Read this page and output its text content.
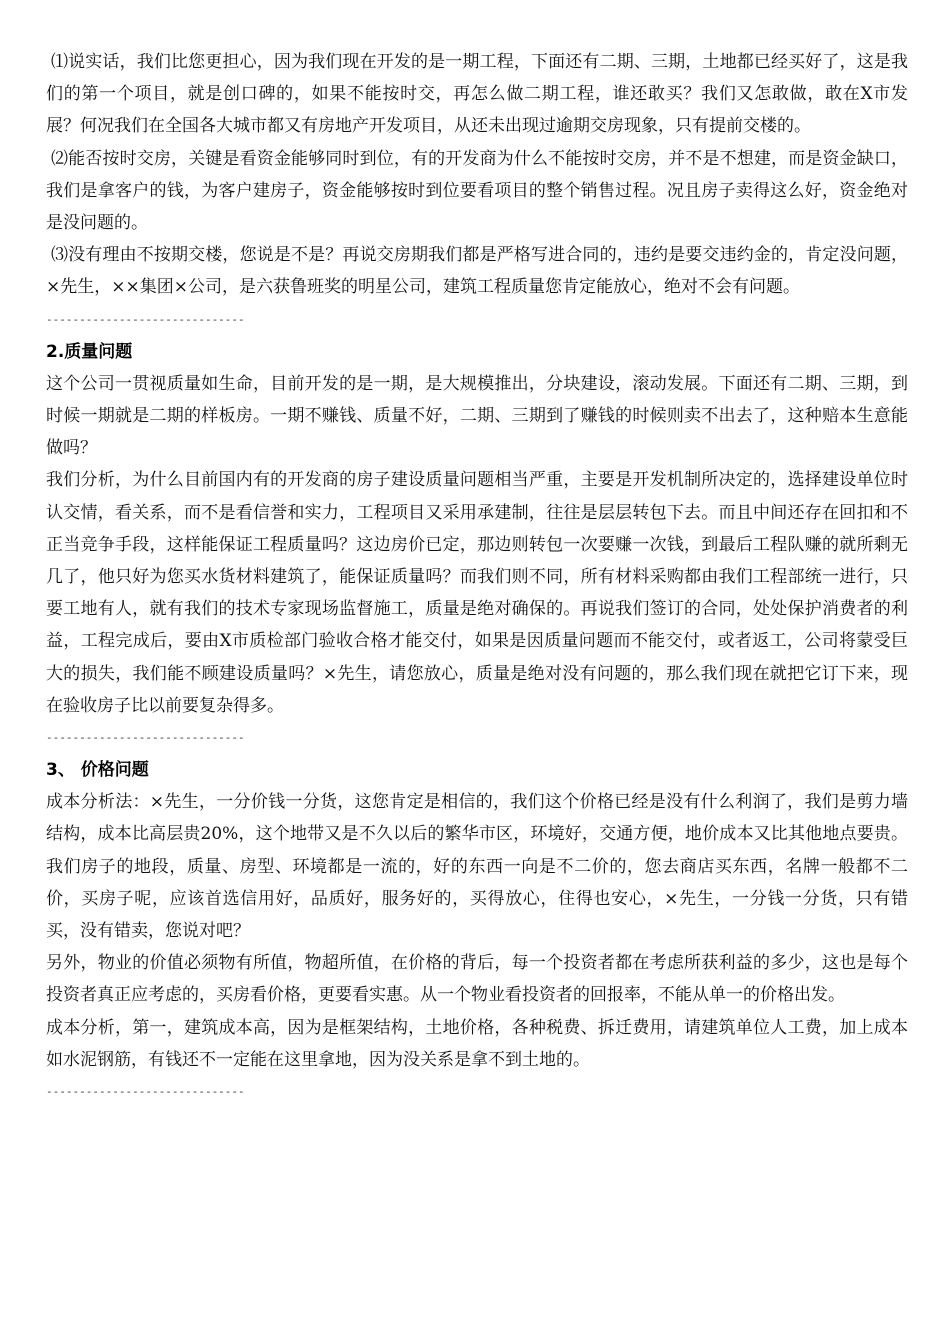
⑴说实话，我们比您更担心，因为我们现在开发的是一期工程，下面还有二期、三期，土地都已经买好了，这是我们的第一个项目，就是创口碑的，如果不能按时交，再怎么做二期工程，谁还敢买？我们又怎敢做，敢在X市发展？何况我们在全国各大城市都又有房地产开发项目，从还未出现过逾期交房现象，只有提前交楼的。

⑵能否按时交房，关键是看资金能够同时到位，有的开发商为什么不能按时交房，并不是不想建，而是资金缺口，我们是拿客户的钱，为客户建房子，资金能够按时到位要看项目的整个销售过程。况且房子卖得这么好，资金绝对是没问题的。

⑶没有理由不按期交楼，您说是不是？再说交房期我们都是严格写进合同的，违约是要交违约金的，肯定没问题，×先生，××集团×公司，是六获鲁班奖的明星公司，建筑工程质量您肯定能放心，绝对不会有问题。

------------------------------
2.质量问题

这个公司一贯视质量如生命，目前开发的是一期，是大规模推出，分块建设，滚动发展。下面还有二期、三期，到时候一期就是二期的样板房。一期不赚钱、质量不好，二期、三期到了赚钱的时候则卖不出去了，这种赔本生意能做吗？

我们分析，为什么目前国内有的开发商的房子建设质量问题相当严重，主要是开发机制所决定的，选择建设单位时认交情，看关系，而不是看信誉和实力，工程项目又采用承建制，往往是层层转包下去。而且中间还存在回扣和不正当竞争手段，这样能保证工程质量吗？这边房价已定，那边则转包一次要赚一次钱，到最后工程队赚的就所剩无几了，他只好为您买水货材料建筑了，能保证质量吗？而我们则不同，所有材料采购都由我们工程部统一进行，只要工地有人，就有我们的技术专家现场监督施工，质量是绝对确保的。再说我们签订的合同，处处保护消费者的利益，工程完成后，要由X市质检部门验收合格才能交付，如果是因质量问题而不能交付，或者返工，公司将蒙受巨大的损失，我们能不顾建设质量吗？×先生，请您放心，质量是绝对没有问题的，那么我们现在就把它订下来，现在验收房子比以前要复杂得多。

------------------------------
3、 价格问题

成本分析法：×先生，一分价钱一分货，这您肯定是相信的，我们这个价格已经是没有什么利润了，我们是剪力墙结构，成本比高层贵20%，这个地带又是不久以后的繁华市区，环境好，交通方便，地价成本又比其他地点要贵。我们房子的地段，质量、房型、环境都是一流的，好的东西一向是不二价的，您去商店买东西，名牌一般都不二价，买房子呢，应该首选信用好，品质好，服务好的，买得放心，住得也安心，×先生，一分钱一分货，只有错买，没有错卖，您说对吧？

另外，物业的价值必须物有所值，物超所值，在价格的背后，每一个投资者都在考虑所获利益的多少，这也是每个投资者真正应考虑的，买房看价格，更要看实惠。从一个物业看投资者的回报率，不能从单一的价格出发。

成本分析，第一，建筑成本高，因为是框架结构，土地价格，各种税费、拆迁费用，请建筑单位人工费，加上成本如水泥钢筋，有钱还不一定能在这里拿地，因为没关系是拿不到土地的。

------------------------------
